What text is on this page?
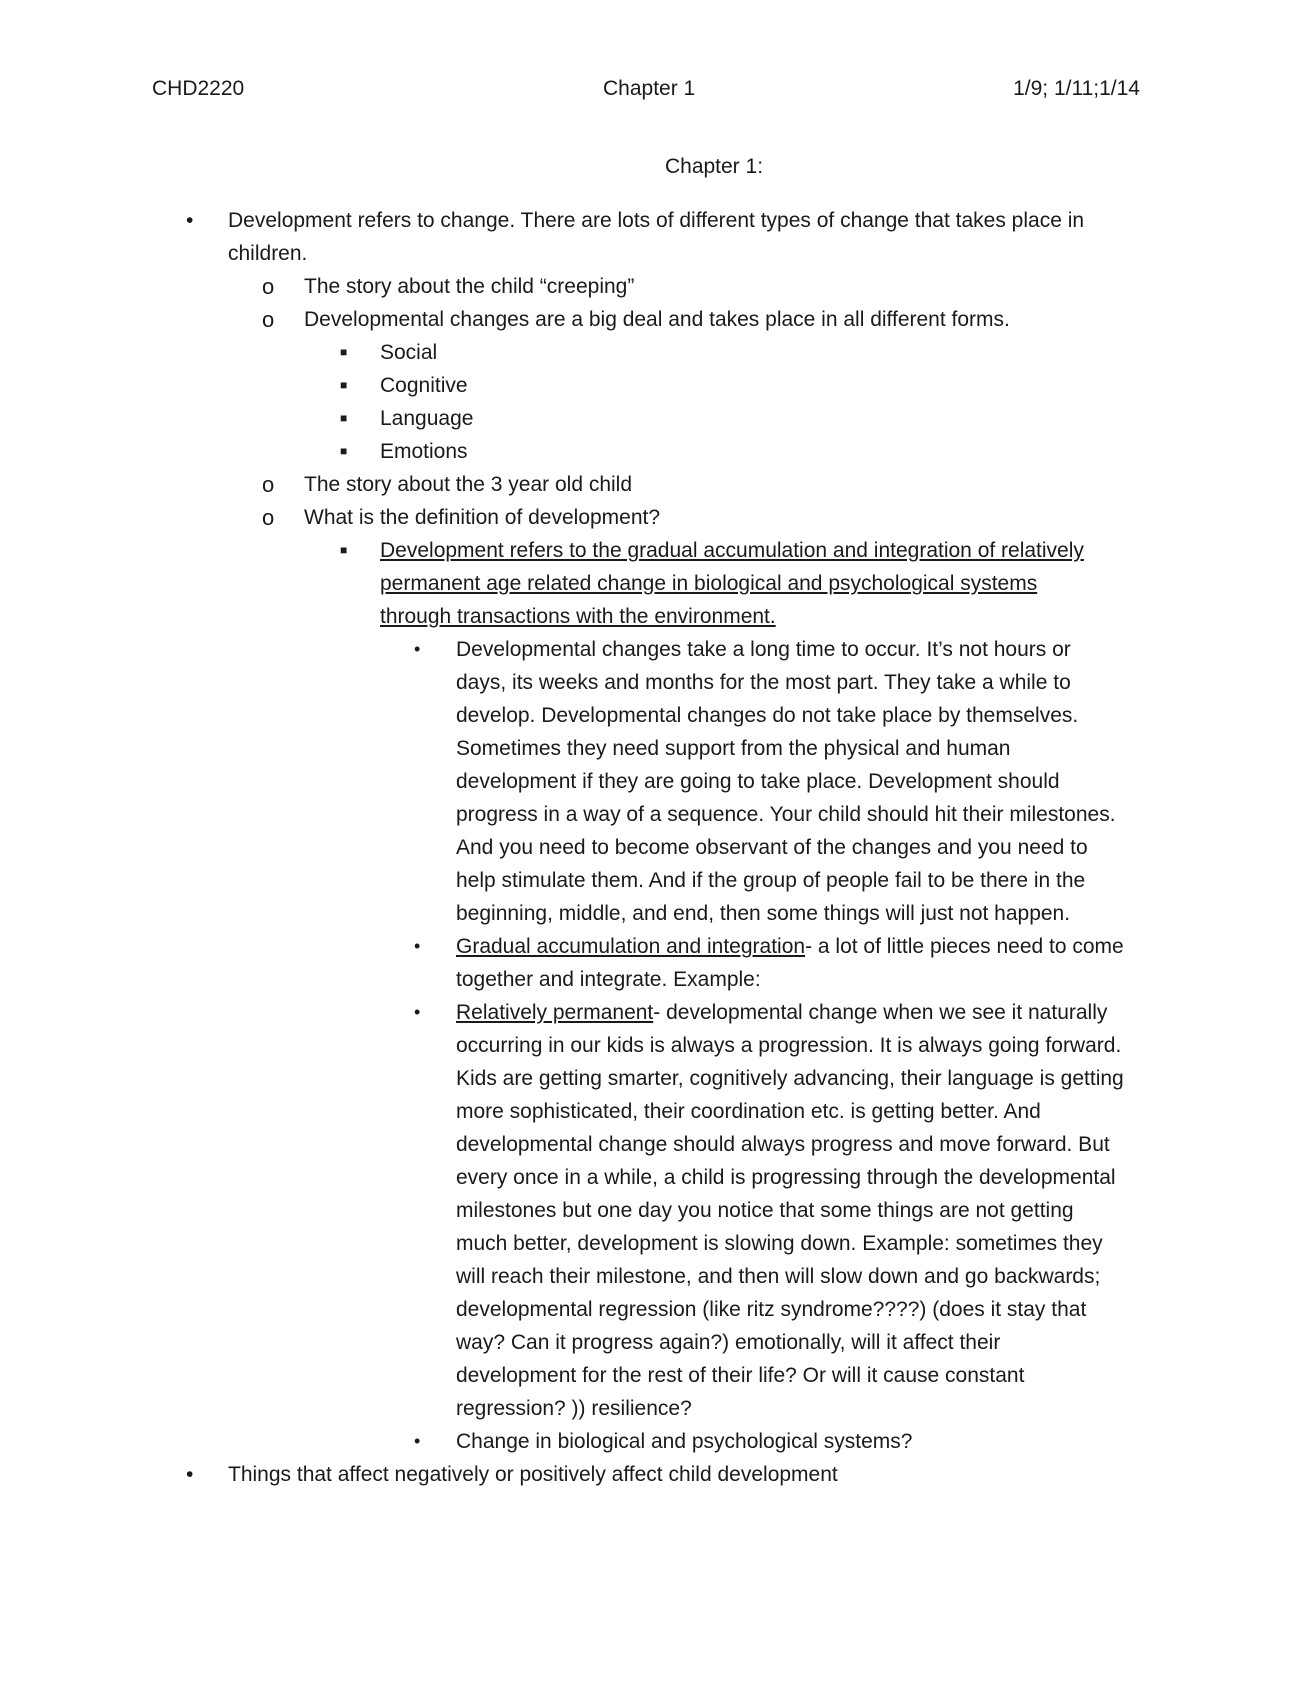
CHD2220	Chapter 1	1/9; 1/11;1/14
Chapter 1:
•	Development refers to change. There are lots of different types of change that takes place in children.
o The story about the child “creeping”
o Developmental changes are a big deal and takes place in all different forms.
■ Social
■ Cognitive
■ Language
■ Emotions
o The story about the 3 year old child
o What is the definition of development?
■ Development refers to the gradual accumulation and integration of relatively permanent age related change in biological and psychological systems through transactions with the environment.
• Developmental changes take a long time to occur. It’s not hours or days, its weeks and months for the most part. They take a while to develop. Developmental changes do not take place by themselves. Sometimes they need support from the physical and human development if they are going to take place. Development should progress in a way of a sequence. Your child should hit their milestones. And you need to become observant of the changes and you need to help stimulate them. And if the group of people fail to be there in the beginning, middle, and end, then some things will just not happen.
• Gradual accumulation and integration- a lot of little pieces need to come together and integrate. Example:
• Relatively permanent- developmental change when we see it naturally occurring in our kids is always a progression. It is always going forward. Kids are getting smarter, cognitively advancing, their language is getting more sophisticated, their coordination etc. is getting better. And developmental change should always progress and move forward. But every once in a while, a child is progressing through the developmental milestones but one day you notice that some things are not getting much better, development is slowing down. Example: sometimes they will reach their milestone, and then will slow down and go backwards; developmental regression (like ritz syndrome????) (does it stay that way? Can it progress again?) emotionally, will it affect their development for the rest of their life? Or will it cause constant regression? )) resilience?
• Change in biological and psychological systems?
•	Things that affect negatively or positively affect child development
